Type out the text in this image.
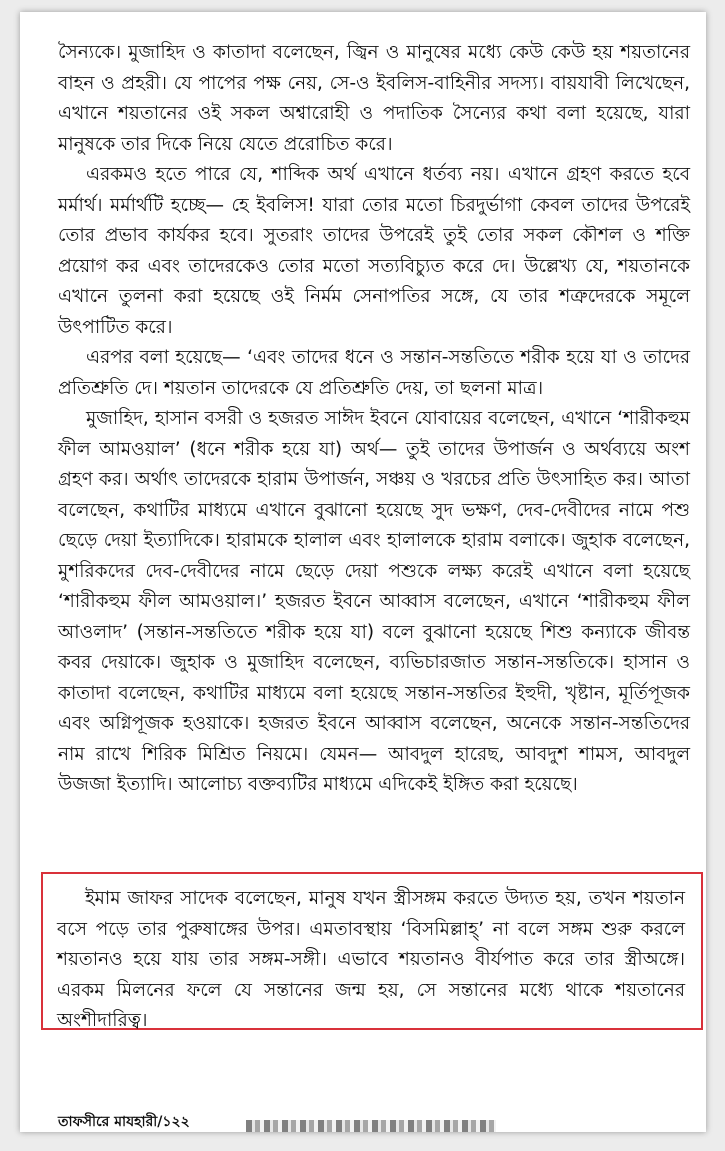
সৈন্যকে। মুজাহিদ ও কাতাদা বলেছেন, জ্বিন ও মানুষের মধ্যে কেউ কেউ হয় শয়তানের বাহন ও প্রহরী। যে পাপের পক্ষ নেয়, সে-ও ইবলিস-বাহিনীর সদস্য। বায়যাবী লিখেছেন, এখানে শয়তানের ওই সকল অশ্বারোহী ও পদাতিক সৈন্যের কথা বলা হয়েছে, যারা মানুষকে তার দিকে নিয়ে যেতে প্ররোচিত করে।

এরকমও হতে পারে যে, শাব্দিক অর্থ এখানে ধর্তব্য নয়। এখানে গ্রহণ করতে হবে মর্মার্থ। মর্মার্থটি হচ্ছে— হে ইবলিস! যারা তোর মতো চিরদুর্ভাগা কেবল তাদের উপরেই তোর প্রভাব কার্যকর হবে। সুতরাং তাদের উপরেই তুই তোর সকল কৌশল ও শক্তি প্রয়োগ কর এবং তাদেরকেও তোর মতো সত্যবিচ্যুত করে দে। উল্লেখ্য যে, শয়তানকে এখানে তুলনা করা হয়েছে ওই নির্মম সেনাপতির সঙ্গে, যে তার শত্রুদেরকে সমূলে উৎপাটিত করে।

এরপর বলা হয়েছে— ‘এবং তাদের ধনে ও সন্তান-সন্ততিতে শরীক হয়ে যা ও তাদের প্রতিশ্রুতি দে। শয়তান তাদেরকে যে প্রতিশ্রুতি দেয়, তা ছলনা মাত্র।

মুজাহিদ, হাসান বসরী ও হজরত সাঈদ ইবনে যোবায়ের বলেছেন, এখানে ‘শারীকহুম ফীল আমওয়াল’ (ধনে শরীক হয়ে যা) অর্থ— তুই তাদের উপার্জন ও অর্থব্যয়ে অংশ গ্রহণ কর। অর্থাৎ তাদেরকে হারাম উপার্জন, সঞ্চয় ও খরচের প্রতি উৎসাহিত কর। আতা বলেছেন, কথাটির মাধ্যমে এখানে বুঝানো হয়েছে সুদ ভক্ষণ, দেব-দেবীদের নামে পশু ছেড়ে দেয়া ইত্যাদিকে। হারামকে হালাল এবং হালালকে হারাম বলাকে। জুহাক বলেছেন, মুশরিকদের দেব-দেবীদের নামে ছেড়ে দেয়া পশুকে লক্ষ্য করেই এখানে বলা হয়েছে ‘শারীকহুম ফীল আমওয়াল।’ হজরত ইবনে আব্বাস বলেছেন, এখানে ‘শারীকহুম ফীল আওলাদ’ (সন্তান-সন্ততিতে শরীক হয়ে যা) বলে বুঝানো হয়েছে শিশু কন্যাকে জীবন্ত কবর দেয়াকে। জুহাক ও মুজাহিদ বলেছেন, ব্যভিচারজাত সন্তান-সন্ততিকে। হাসান ও কাতাদা বলেছেন, কথাটির মাধ্যমে বলা হয়েছে সন্তান-সন্ততির ইহুদী, খৃষ্টান, মূর্তিপূজক এবং অগ্নিপূজক হওয়াকে। হজরত ইবনে আব্বাস বলেছেন, অনেকে সন্তান-সন্ততিদের নাম রাখে শিরিক মিশ্রিত নিয়মে। যেমন— আবদুল হারেছ, আবদুশ শামস, আবদুল উজজা ইত্যাদি। আলোচ্য বক্তব্যটির মাধ্যমে এদিকেই ইঙ্গিত করা হয়েছে।

ইমাম জাফর সাদেক বলেছেন, মানুষ যখন স্ত্রীসঙ্গম করতে উদ্যত হয়, তখন শয়তান বসে পড়ে তার পুরুষাঙ্গের উপর। এমতাবস্থায় ‘বিসমিল্লাহ্‌’ না বলে সঙ্গম শুরু করলে শয়তানও হয়ে যায় তার সঙ্গম-সঙ্গী। এভাবে শয়তানও বীর্যপাত করে তার স্ত্রীঅঙ্গে। এরকম মিলনের ফলে যে সন্তানের জন্ম হয়, সে সন্তানের মধ্যে থাকে শয়তানের অংশীদারিত্ব।

তাফসীরে মাযহারী/১২২
